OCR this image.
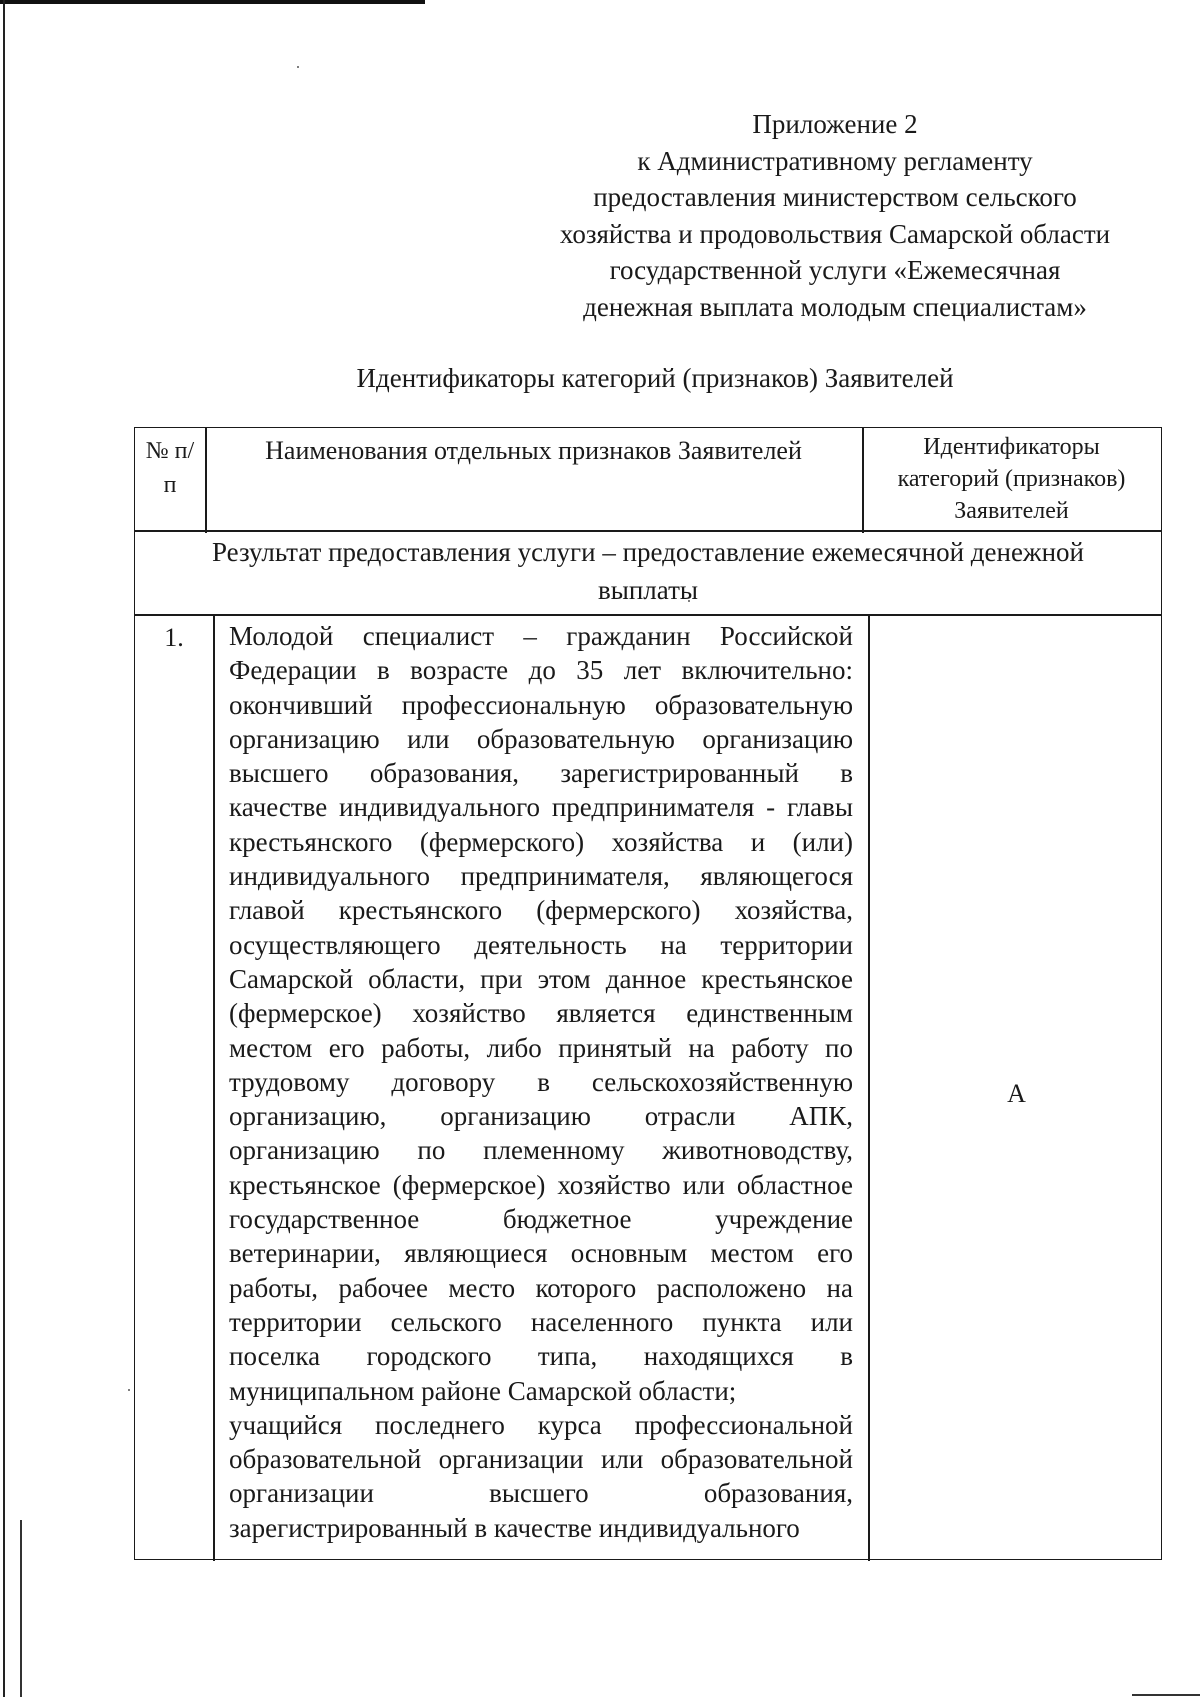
Приложение 2
к Административному регламенту
предоставления министерством сельского
хозяйства и продовольствия Самарской области
государственной услуги «Ежемесячная
денежная выплата молодым специалистам»
Идентификаторы категорий (признаков) Заявителей
№ п/п
Наименования отдельных признаков Заявителей	Идентификаторы категорий (признаков) Заявителей
Результат предоставления услуги – предоставление ежемесячной денежной выплаты
1.	Молодой специалист – гражданин Российской Федерации в возрасте до 35 лет включительно: окончивший профессиональную образовательную организацию или образовательную организацию высшего образования, зарегистрированный в качестве индивидуального предпринимателя - главы крестьянского (фермерского) хозяйства и (или) индивидуального предпринимателя, являющегося главой крестьянского (фермерского) хозяйства, осуществляющего деятельность на территории Самарской области, при этом данное крестьянское (фермерское) хозяйство является единственным местом его работы, либо принятый на работу по трудовому договору в сельскохозяйственную организацию, организацию отрасли АПК, организацию по племенному животноводству, крестьянское (фермерское) хозяйство или областное государственное бюджетное учреждение ветеринарии, являющиеся основным местом его работы, рабочее место которого расположено на территории сельского населенного пункта или поселка городского типа, находящихся в муниципальном районе Самарской области;

учащийся последнего курса профессиональной образовательной организации или образовательной организации высшего образования, зарегистрированный в качестве индивидуального

А
